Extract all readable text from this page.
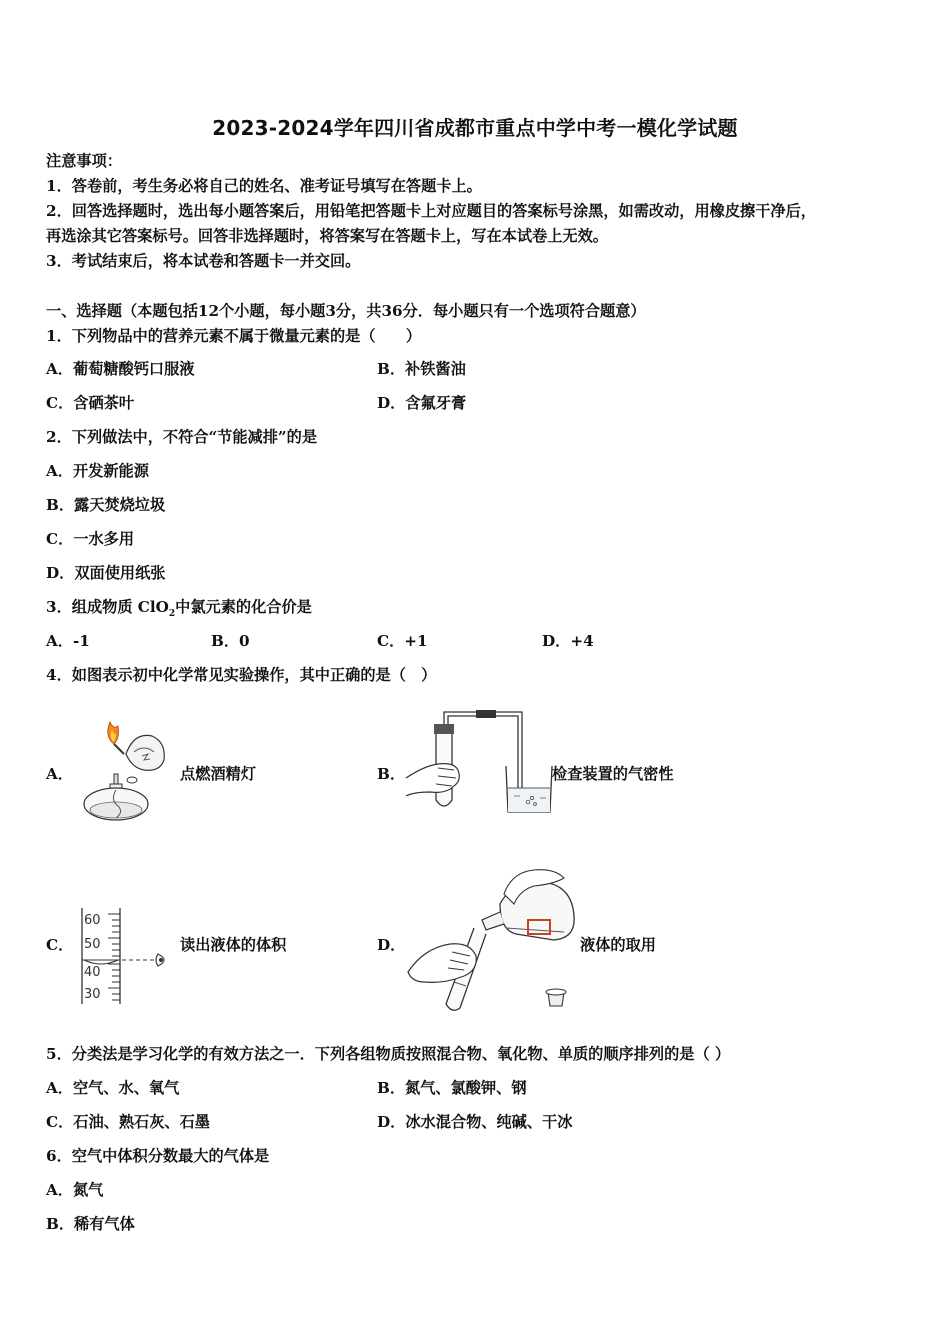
2023-2024学年四川省成都市重点中学中考一模化学试题
注意事项：
1．答卷前，考生务必将自己的姓名、准考证号填写在答题卡上。
2．回答选择题时，选出每小题答案后，用铅笔把答题卡上对应题目的答案标号涂黑，如需改动，用橡皮擦干净后，
再选涂其它答案标号。回答非选择题时，将答案写在答题卡上，写在本试卷上无效。
3．考试结束后，将本试卷和答题卡一并交回。
一、选择题（本题包括12个小题，每小题3分，共36分．每小题只有一个选项符合题意）
1．下列物品中的营养元素不属于微量元素的是（　　）
A．葡萄糖酸钙口服液	B．补铁酱油
C．含硒茶叶	D．含氟牙膏
2．下列做法中，不符合“节能减排”的是
A．开发新能源
B．露天焚烧垃圾
C．一水多用
D．双面使用纸张
3．组成物质 ClO$_2$中氯元素的化合价是
A．-1	B．0	C．+1	D．+4
4．如图表示初中化学常见实验操作，其中正确的是（　）
A．	点燃酒精灯	B．	检查装置的气密性
C．
60
50
40
30
读出液体的体积	D．	液体的取用
5．分类法是学习化学的有效方法之一．下列各组物质按照混合物、氧化物、单质的顺序排列的是（ ）
A．空气、水、氧气	B．氮气、氯酸钾、钢
C．石油、熟石灰、石墨	D．冰水混合物、纯碱、干冰
6．空气中体积分数最大的气体是
A．氮气
B．稀有气体
